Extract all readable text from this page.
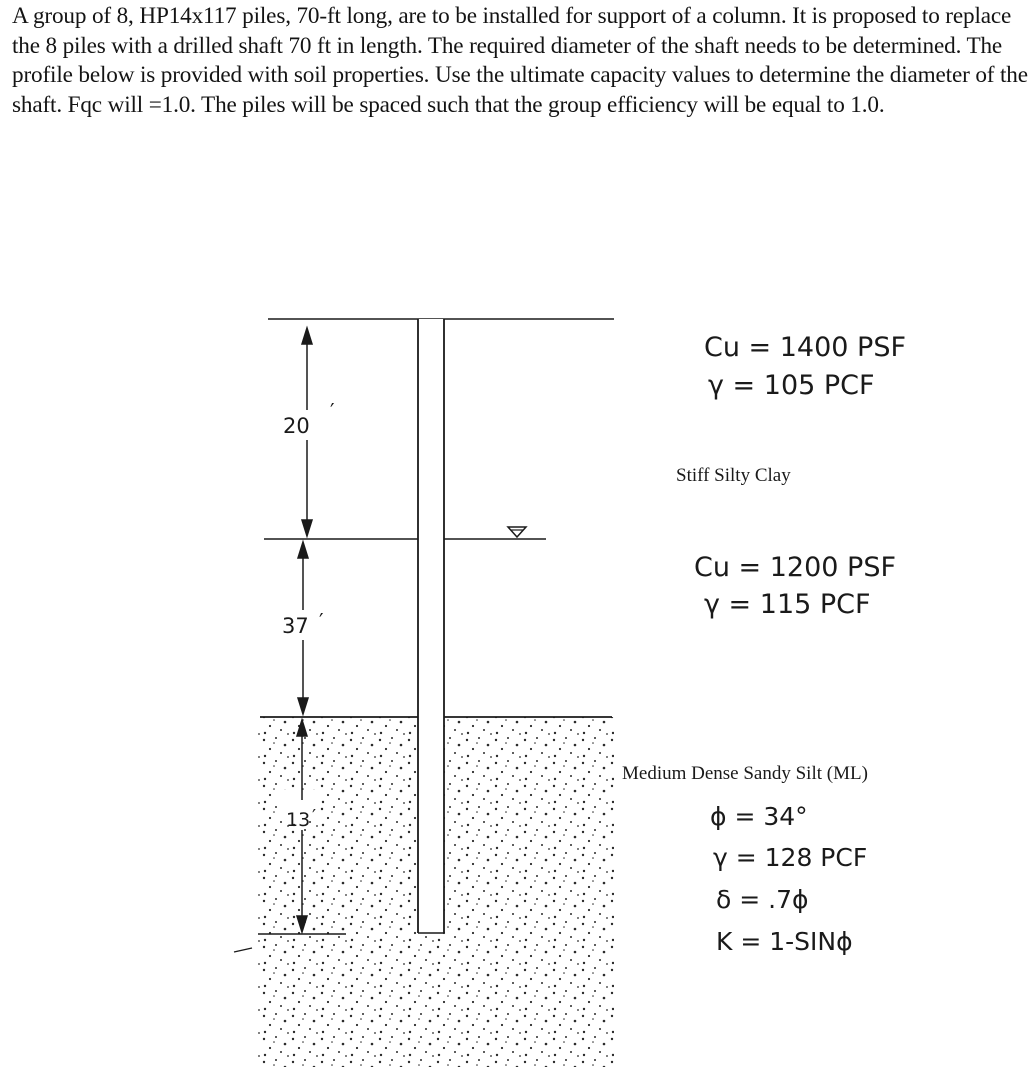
A group of 8, HP14x117 piles, 70-ft long, are to be installed for support of a column. It is proposed to replace the 8 piles with a drilled shaft 70 ft in length. The required diameter of the shaft needs to be determined. The profile below is provided with soil properties. Use the ultimate capacity values to determine the diameter of the shaft. Fqc will =1.0. The piles will be spaced such that the group efficiency will be equal to 1.0.

20
′
37 ′
13 ′
Cu = 1400 PSF
γ = 105 PCF
Stiff Silty Clay
Cu = 1200 PSF
γ = 115 PCF
Medium Dense Sandy Silt (ML)
ϕ = 34°
γ = 128 PCF
δ = .7ϕ
K = 1-SINϕ
